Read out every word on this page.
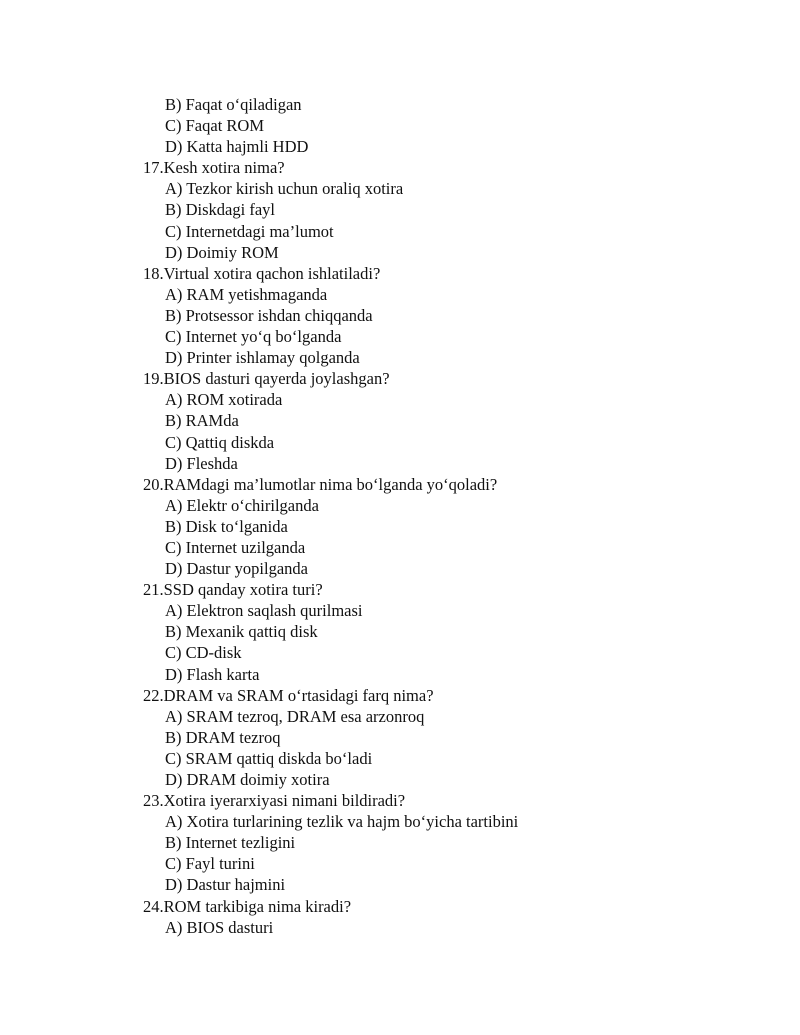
B) Faqat o‘qiladigan
C) Faqat ROM
D) Katta hajmli HDD
17.Kesh xotira nima?
A) Tezkor kirish uchun oraliq xotira
B) Diskdagi fayl
C) Internetdagi ma’lumot
D) Doimiy ROM
18.Virtual xotira qachon ishlatiladi?
A) RAM yetishmaganda
B) Protsessor ishdan chiqqanda
C) Internet yo‘q bo‘lganda
D) Printer ishlamay qolganda
19.BIOS dasturi qayerda joylashgan?
A) ROM xotirada
B) RAMda
C) Qattiq diskda
D) Fleshda
20.RAMdagi ma’lumotlar nima bo‘lganda yo‘qoladi?
A) Elektr o‘chirilganda
B) Disk to‘lganida
C) Internet uzilganda
D) Dastur yopilganda
21.SSD qanday xotira turi?
A) Elektron saqlash qurilmasi
B) Mexanik qattiq disk
C) CD-disk
D) Flash karta
22.DRAM va SRAM o‘rtasidagi farq nima?
A) SRAM tezroq, DRAM esa arzonroq
B) DRAM tezroq
C) SRAM qattiq diskda bo‘ladi
D) DRAM doimiy xotira
23.Xotira iyerarxiyasi nimani bildiradi?
A) Xotira turlarining tezlik va hajm bo‘yicha tartibini
B) Internet tezligini
C) Fayl turini
D) Dastur hajmini
24.ROM tarkibiga nima kiradi?
A) BIOS dasturi
